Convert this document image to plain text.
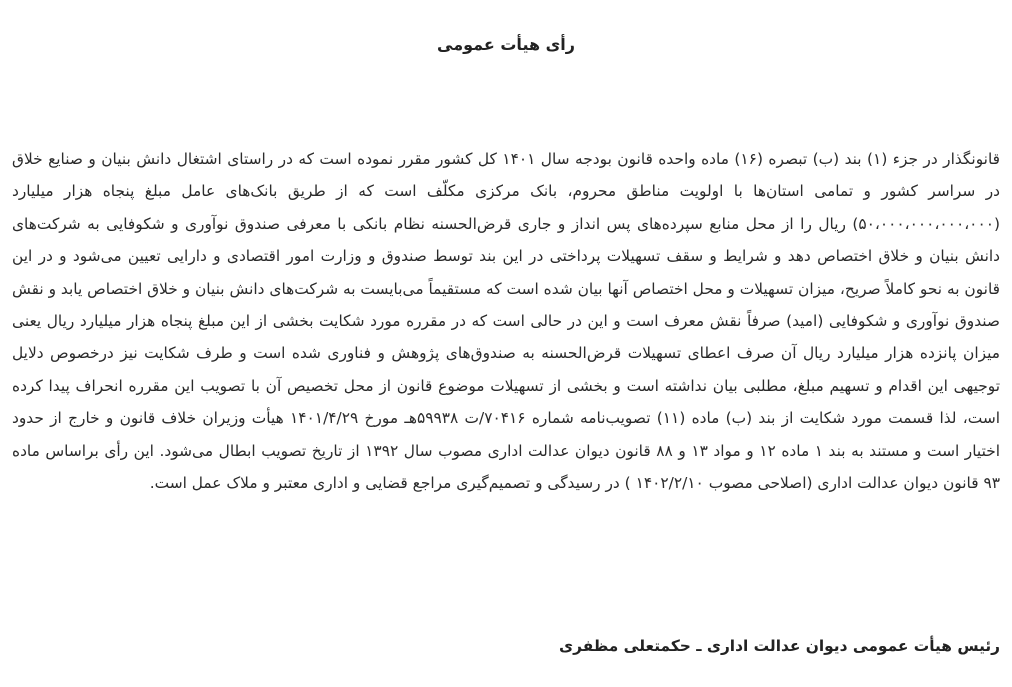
رأی هیأت عمومی

قانونگذار در جزء (۱) بند (ب) تبصره (۱۶) ماده واحده قانون بودجه سال ۱۴۰۱ کل کشور مقرر نموده است که در راستای اشتغال دانش بنیان و صنایع خلاق در سراسر کشور و تمامی استان‌ها با اولویت مناطق محروم، بانک مرکزی مکلّف است که از طریق بانک‌های عامل مبلغ پنجاه هزار میلیارد (۵۰،۰۰۰،۰۰۰،۰۰۰،۰۰۰) ریال را از محل منابع سپرده‌های پس انداز و جاری قرض‌الحسنه نظام بانکی با معرفی صندوق نوآوری و شکوفایی به شرکت‌های دانش بنیان و خلاق اختصاص دهد و شرایط و سقف تسهیلات پرداختی در این بند توسط صندوق و وزارت امور اقتصادی و دارایی تعیین می‌شود و در این قانون به نحو کاملاً صریح، میزان تسهیلات و محل اختصاص آنها بیان شده است که مستقیماً می‌بایست به شرکت‌های دانش بنیان و خلاق اختصاص یابد و نقش صندوق نوآوری و شکوفایی (امید) صرفاً نقش معرف است و این در حالی است که در مقرره مورد شکایت بخشی از این مبلغ پنجاه هزار میلیارد ریال یعنی میزان پانزده هزار میلیارد ریال آن صرف اعطای تسهیلات قرض‌الحسنه به صندوق‌های پژوهش و فناوری شده است و طرف شکایت نیز درخصوص دلایل توجیهی این اقدام و تسهیم مبلغ، مطلبی بیان نداشته است و بخشی از تسهیلات موضوع قانون از محل تخصیص آن با تصویب این مقرره انحراف پیدا کرده است، لذا قسمت مورد شکایت از بند (ب) ماده (۱۱) تصویب‌نامه شماره ۷۰۴۱۶/ت ۵۹۹۳۸هـ مورخ ۱۴۰۱/۴/۲۹ هیأت وزیران خلاف قانون و خارج از حدود اختیار است و مستند به بند ۱ ماده ۱۲ و مواد ۱۳ و ۸۸ قانون دیوان عدالت اداری مصوب سال ۱۳۹۲ از تاریخ تصویب ابطال می‌شود. این رأی براساس ماده ۹۳ قانون دیوان عدالت اداری (اصلاحی مصوب ۱۴۰۲/۲/۱۰ ) در رسیدگی و تصمیم‌گیری مراجع قضایی و اداری معتبر و ملاک عمل است.

رئیس هیأت عمومی دیوان عدالت اداری ـ حکمتعلی مظفری
